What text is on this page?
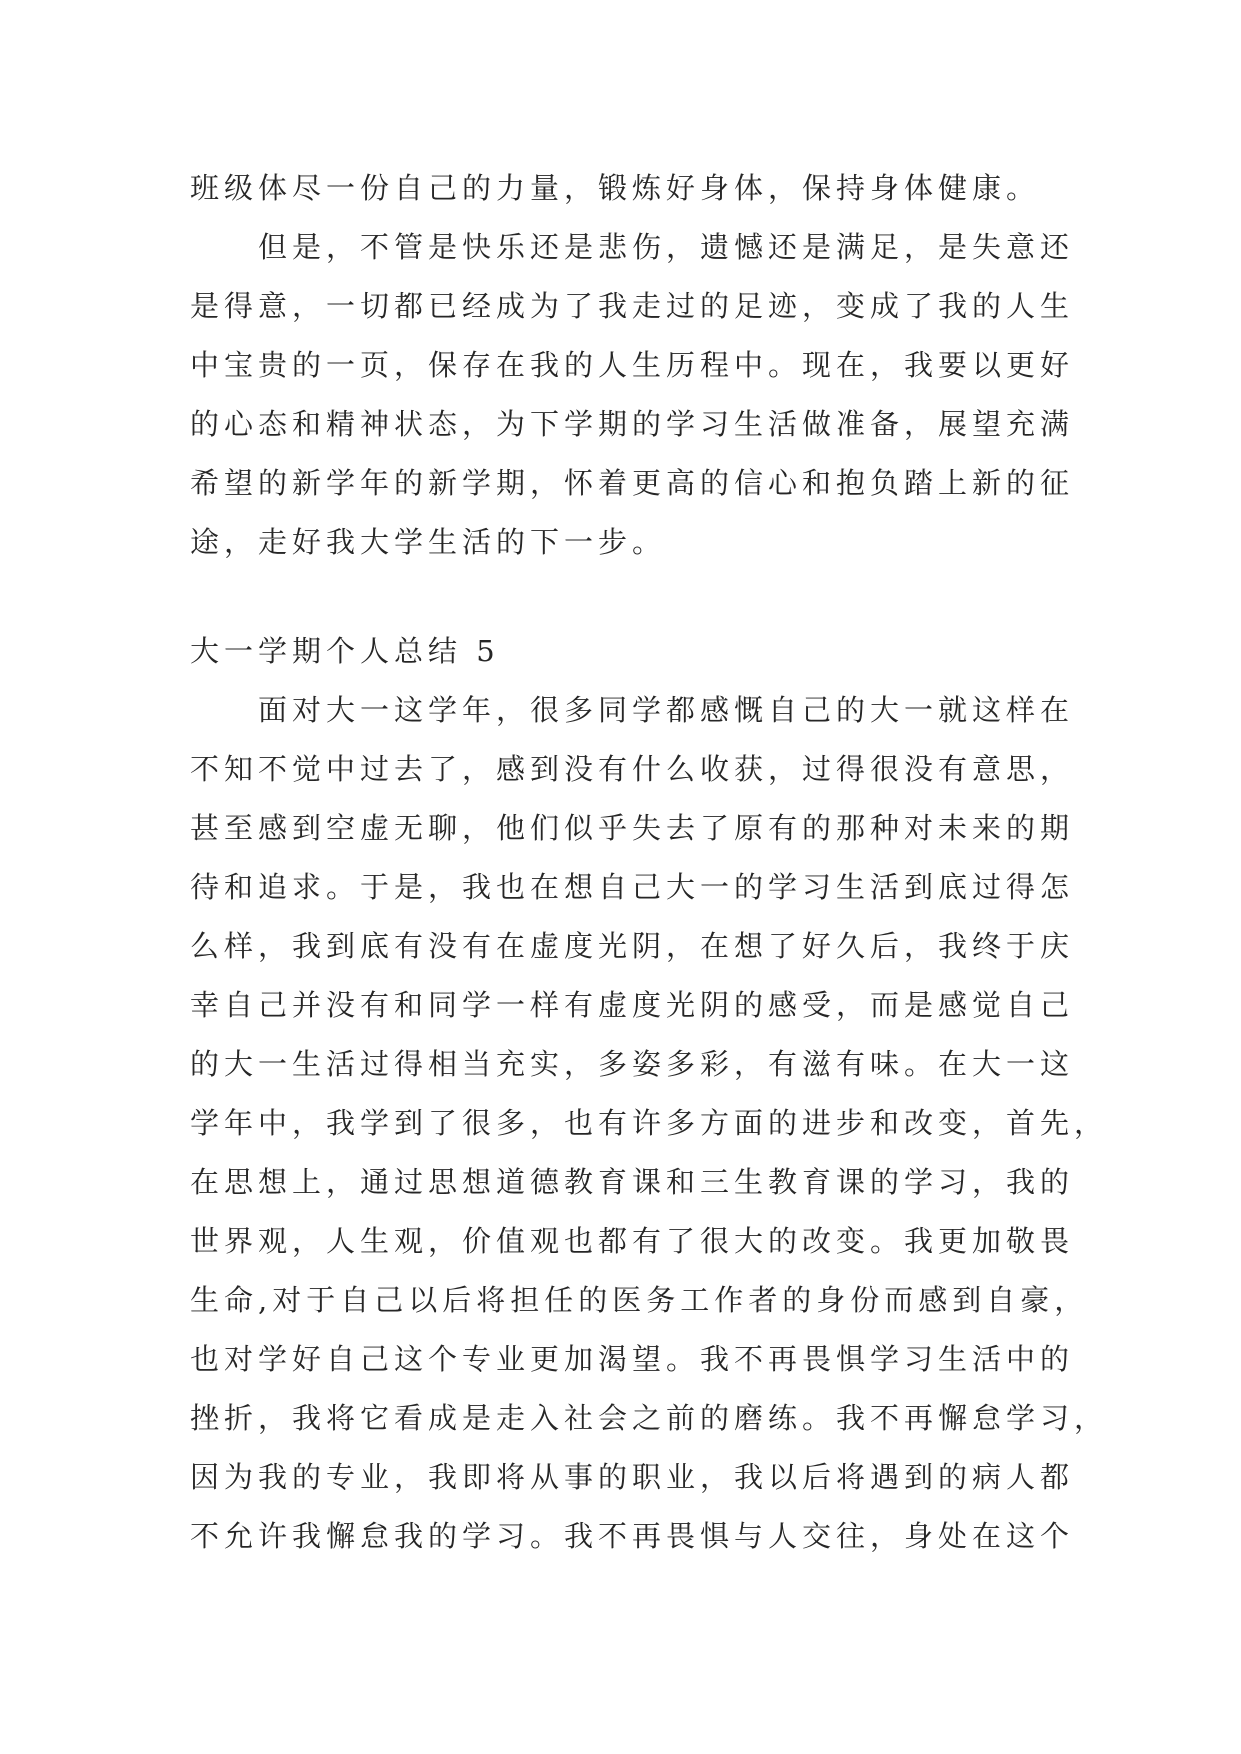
班级体尽一份自己的力量，锻炼好身体，保持身体健康。
但是，不管是快乐还是悲伤，遗憾还是满足，是失意还
是得意，一切都已经成为了我走过的足迹，变成了我的人生
中宝贵的一页，保存在我的人生历程中。现在，我要以更好
的心态和精神状态，为下学期的学习生活做准备，展望充满
希望的新学年的新学期，怀着更高的信心和抱负踏上新的征
途，走好我大学生活的下一步。
大一学期个人总结 5
面对大一这学年，很多同学都感慨自己的大一就这样在
不知不觉中过去了，感到没有什么收获，过得很没有意思，
甚至感到空虚无聊，他们似乎失去了原有的那种对未来的期
待和追求。于是，我也在想自己大一的学习生活到底过得怎
么样，我到底有没有在虚度光阴，在想了好久后，我终于庆
幸自己并没有和同学一样有虚度光阴的感受，而是感觉自己
的大一生活过得相当充实，多姿多彩，有滋有味。在大一这
学年中，我学到了很多，也有许多方面的进步和改变，首先，
在思想上，通过思想道德教育课和三生教育课的学习，我的
世界观，人生观，价值观也都有了很大的改变。我更加敬畏
生命,对于自己以后将担任的医务工作者的身份而感到自豪，
也对学好自己这个专业更加渴望。我不再畏惧学习生活中的
挫折，我将它看成是走入社会之前的磨练。我不再懈怠学习，
因为我的专业，我即将从事的职业，我以后将遇到的病人都
不允许我懈怠我的学习。我不再畏惧与人交往，身处在这个
